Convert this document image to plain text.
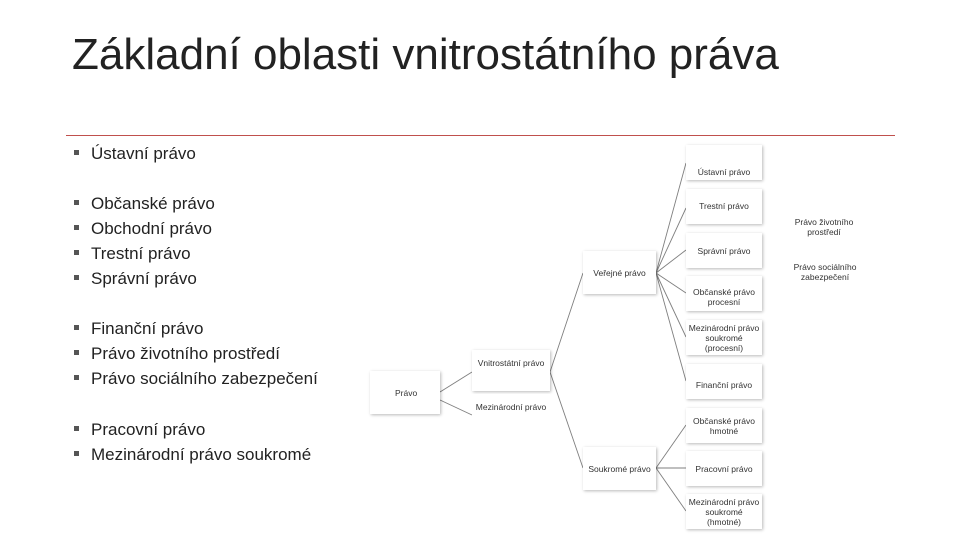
Základní oblasti vnitrostátního práva
Ústavní právo
Občanské právo
Obchodní právo
Trestní právo
Správní právo
Finanční právo
Právo životního prostředí
Právo sociálního zabezpečení
Pracovní právo
Mezinárodní právo soukromé
Právo
Vnitrostátní právo
Mezinárodní právo
Veřejné právo
Soukromé právo
Ústavní právo
Trestní právo
Správní právo
Občanské právo procesní
Mezinárodní právo soukromé (procesní)
Finanční právo
Občanské právo hmotné
Pracovní právo
Mezinárodní právo soukromé (hmotné)
Právo životního prostředí
Právo sociálního zabezpečení
